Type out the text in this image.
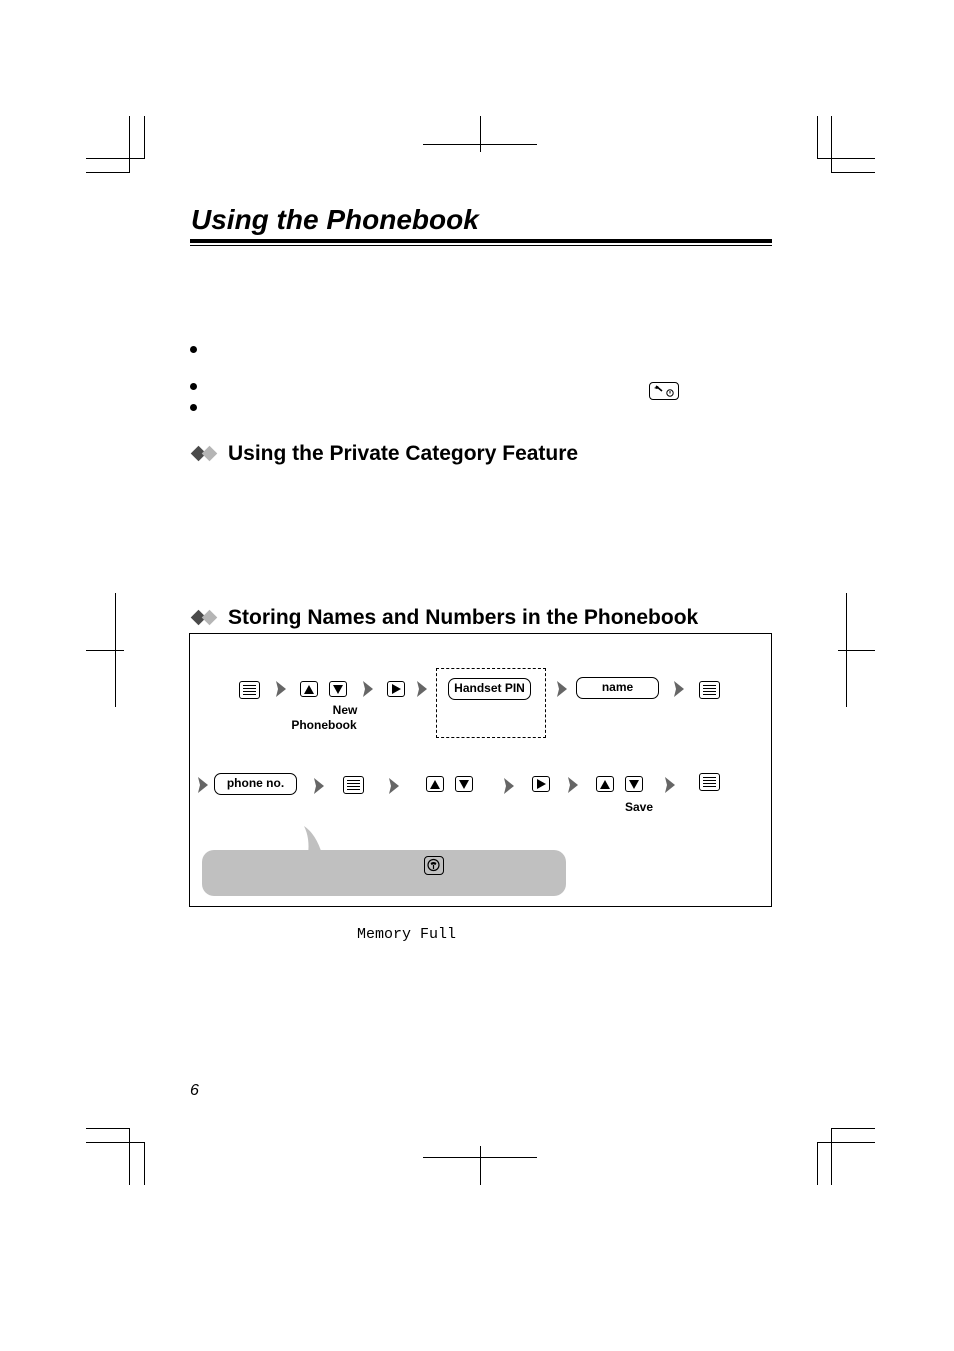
Using the Phonebook
Using the Private Category Feature
Storing Names and Numbers in the Phonebook
Handset PIN	name
New
Phonebook
phone no.
Save
Memory Full
6
